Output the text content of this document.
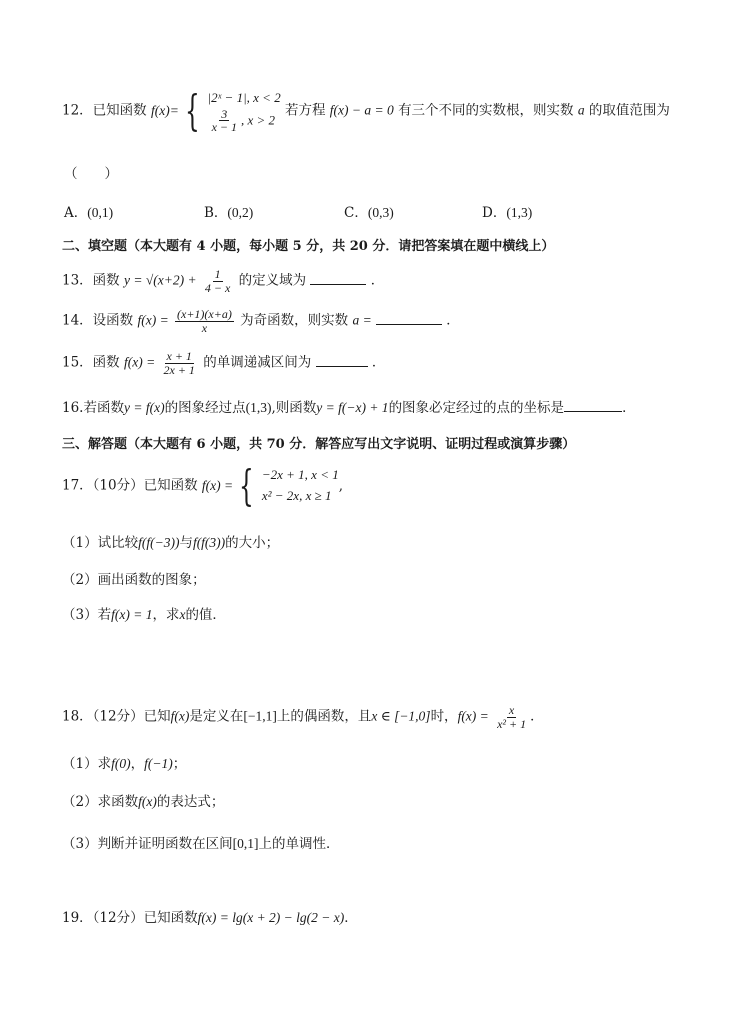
12．已知函数 f(x)= { |2ˣ − 1|, x < 2
$\frac{3}{x - 1}$ , x > 2
若方程 f(x) − a = 0 有三个不同的实数根，则实数 a 的取值范围为
（　　）
A．(0,1)	B．(0,2)	C．(0,3)	D．(1,3)
二、填空题（本大题有 4 小题，每小题 5 分，共 20 分．请把答案填在题中横线上）
13．函数 $y = √(x+2) + \frac{1}{4 - x}$ 的定义域为	．
14．设函数 $f(x) = \frac{(x+1)(x+a)}{x}$ 为奇函数，则实数 a =	．
15．函数 $f(x) = \frac{x + 1}{2x + 1}$ 的单调递减区间为	．
16.若函数y = f(x)的图象经过点(1,3),则函数y = f(−x) + 1的图象必定经过的点的坐标是	．
三、解答题（本大题有 6 小题，共 70 分．解答应写出文字说明、证明过程或演算步骤）
17．（10分）已知函数 f(x) = { −2x + 1, x < 1
x² − 2x, x ≥ 1
,
（1）试比较f(f(−3))与f(f(3))的大小；
（2）画出函数的图象；
（3）若f(x) = 1，求x的值．
18．（12分）已知f(x)是定义在[−1,1]上的偶函数，且x ∈ [−1,0]时，$f(x) = \frac{x}{\text{x² + 1}}$ ．
（1）求f(0)，f(−1)；
（2）求函数f(x)的表达式；
（3）判断并证明函数在区间[0,1]上的单调性．
19．（12分）已知函数f(x) = lg(x + 2) − lg(2 − x)．
